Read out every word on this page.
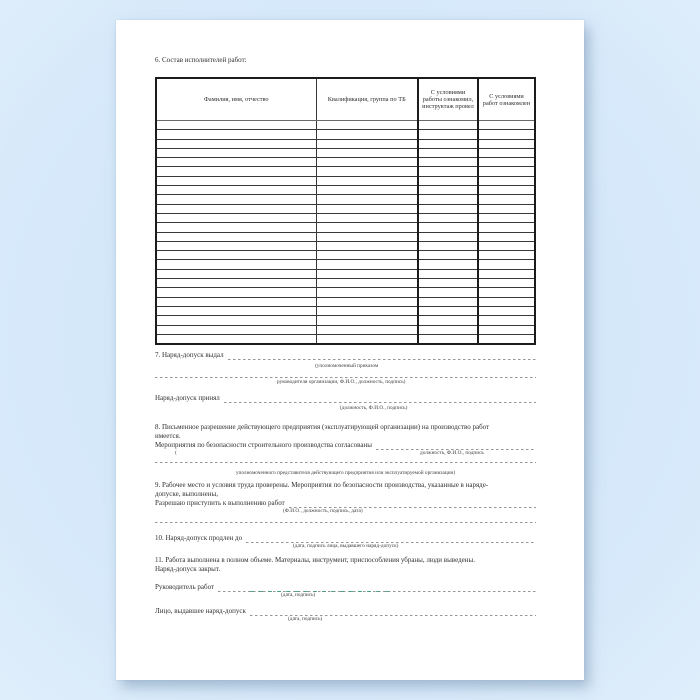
6. Состав исполнителей работ:
Фамилия, имя, отчество	Квалификация, группа по ТБ	С условиями работы ознакомил, инструктаж провел	С условиями работ ознакомлен

7. Наряд-допуск выдал
(уполномоченный приказом
руководителя организации, Ф.И.О., должность, подпись)
Наряд-допуск принял
(должность, Ф.И.О., подпись)
8. Письменное разрешение действующего предприятия (эксплуатирующей организации) на производство работ
имеется.
Мероприятия по безопасности строительного производства согласованы
(	должность, Ф.И.О., подпись
уполномоченного представителя действующего предприятия или эксплуатируемой организации)
9. Рабочее место и условия труда проверены. Мероприятия по безопасности производства, указанные в наряде-
допуске, выполнены,
Разрешаю приступить к выполнению работ
(Ф.И.О., должность, подпись, дата)
10. Наряд-допуск продлен до
(дата, подпись лица, выдавшего наряд-допуск)
11. Работа выполнена в полном объеме. Материалы, инструмент, приспособления убраны, люди выведены.
Наряд-допуск закрыт.
Руководитель работ
(дата, подпись)
Лицо, выдавшее наряд-допуск
(дата, подпись)
